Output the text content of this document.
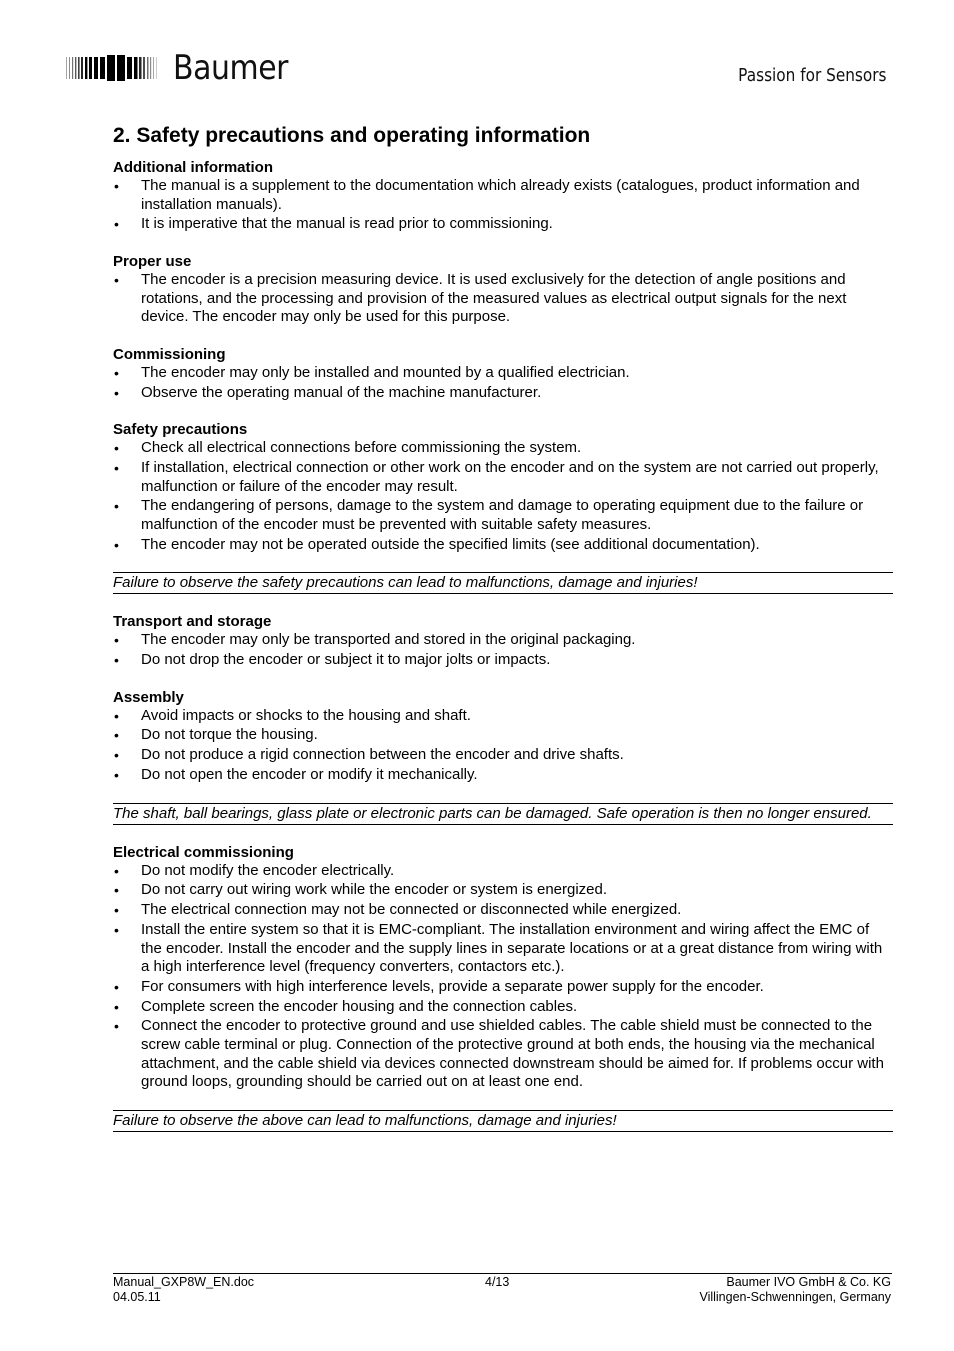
Baumer	Passion for Sensors
2. Safety precautions and operating information
Additional information
• The manual is a supplement to the documentation which already exists (catalogues, product information and installation manuals).
• It is imperative that the manual is read prior to commissioning.
Proper use
• The encoder is a precision measuring device. It is used exclusively for the detection of angle positions and rotations, and the processing and provision of the measured values as electrical output signals for the next device. The encoder may only be used for this purpose.
Commissioning
• The encoder may only be installed and mounted by a qualified electrician.
• Observe the operating manual of the machine manufacturer.
Safety precautions
• Check all electrical connections before commissioning the system.
• If installation, electrical connection or other work on the encoder and on the system are not carried out properly, malfunction or failure of the encoder may result.
• The endangering of persons, damage to the system and damage to operating equipment due to the failure or malfunction of the encoder must be prevented with suitable safety measures.
• The encoder may not be operated outside the specified limits (see additional documentation).
Failure to observe the safety precautions can lead to malfunctions, damage and injuries!
Transport and storage
• The encoder may only be transported and stored in the original packaging.
• Do not drop the encoder or subject it to major jolts or impacts.
Assembly
• Avoid impacts or shocks to the housing and shaft.
• Do not torque the housing.
• Do not produce a rigid connection between the encoder and drive shafts.
• Do not open the encoder or modify it mechanically.
The shaft, ball bearings, glass plate or electronic parts can be damaged. Safe operation is then no longer ensured.
Electrical commissioning
• Do not modify the encoder electrically.
• Do not carry out wiring work while the encoder or system is energized.
• The electrical connection may not be connected or disconnected while energized.
• Install the entire system so that it is EMC-compliant. The installation environment and wiring affect the EMC of the encoder. Install the encoder and the supply lines in separate locations or at a great distance from wiring with a high interference level (frequency converters, contactors etc.).
• For consumers with high interference levels, provide a separate power supply for the encoder.
• Complete screen the encoder housing and the connection cables.
• Connect the encoder to protective ground and use shielded cables. The cable shield must be connected to the screw cable terminal or plug. Connection of the protective ground at both ends, the housing via the mechanical attachment, and the cable shield via devices connected downstream should be aimed for. If problems occur with ground loops, grounding should be carried out on at least one end.
Failure to observe the above can lead to malfunctions, damage and injuries!
Manual_GXP8W_EN.doc
04.05.11
4/13	Baumer IVO GmbH & Co. KG
Villingen-Schwenningen, Germany
